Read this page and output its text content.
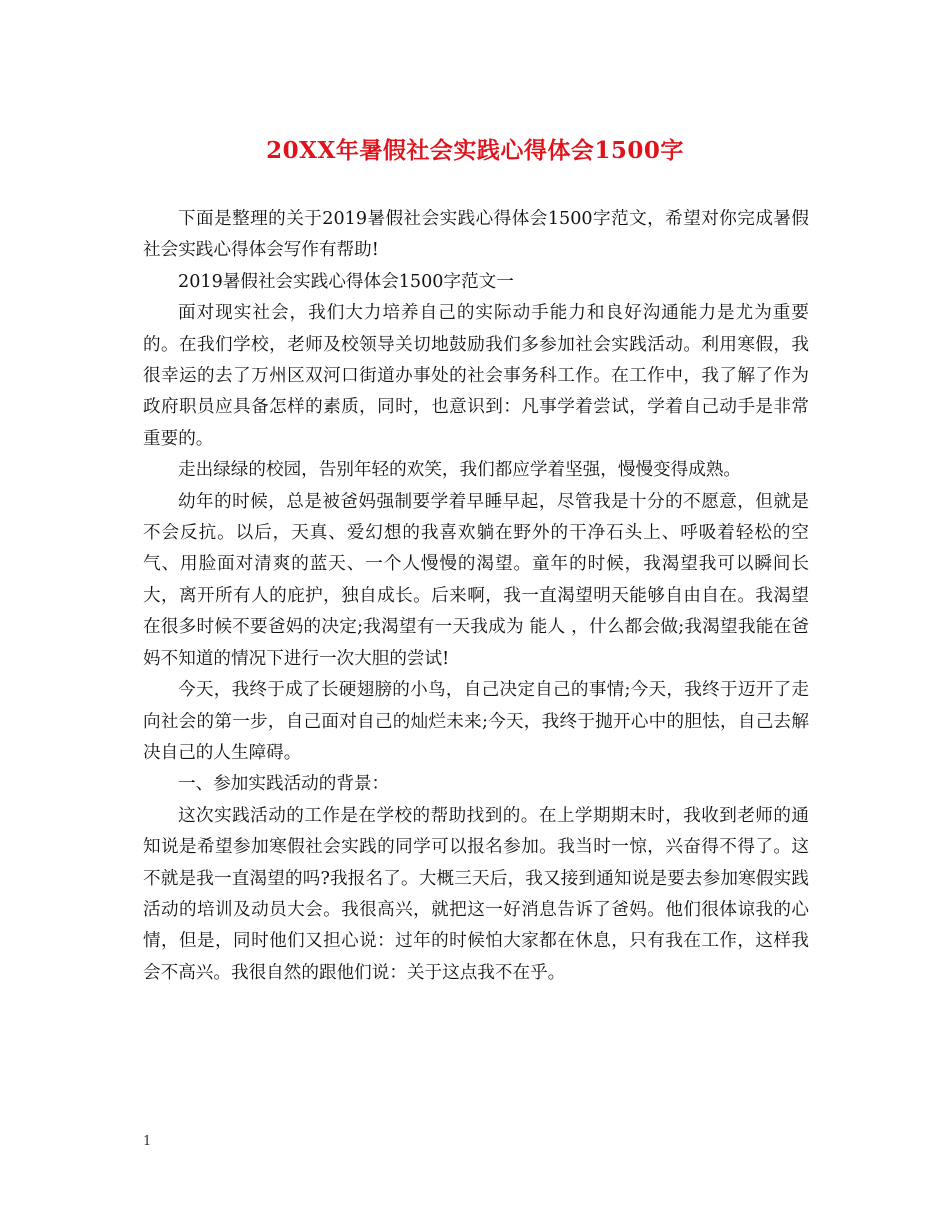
20XX年暑假社会实践心得体会1500字

下面是整理的关于2019暑假社会实践心得体会1500字范文，希望对你完成暑假社会实践心得体会写作有帮助!

2019暑假社会实践心得体会1500字范文一

面对现实社会，我们大力培养自己的实际动手能力和良好沟通能力是尤为重要的。在我们学校，老师及校领导关切地鼓励我们多参加社会实践活动。利用寒假，我很幸运的去了万州区双河口街道办事处的社会事务科工作。在工作中，我了解了作为政府职员应具备怎样的素质，同时，也意识到：凡事学着尝试，学着自己动手是非常重要的。

走出绿绿的校园，告别年轻的欢笑，我们都应学着坚强，慢慢变得成熟。

幼年的时候，总是被爸妈强制要学着早睡早起，尽管我是十分的不愿意，但就是不会反抗。以后，天真、爱幻想的我喜欢躺在野外的干净石头上、呼吸着轻松的空气、用脸面对清爽的蓝天、一个人慢慢的渴望。童年的时候，我渴望我可以瞬间长大，离开所有人的庇护，独自成长。后来啊，我一直渴望明天能够自由自在。我渴望在很多时候不要爸妈的决定;我渴望有一天我成为 能人 ，什么都会做;我渴望我能在爸妈不知道的情况下进行一次大胆的尝试!

今天，我终于成了长硬翅膀的小鸟，自己决定自己的事情;今天，我终于迈开了走向社会的第一步，自己面对自己的灿烂未来;今天，我终于抛开心中的胆怯，自己去解决自己的人生障碍。

一、参加实践活动的背景：

这次实践活动的工作是在学校的帮助找到的。在上学期期末时，我收到老师的通知说是希望参加寒假社会实践的同学可以报名参加。我当时一惊，兴奋得不得了。这不就是我一直渴望的吗?我报名了。大概三天后，我又接到通知说是要去参加寒假实践活动的培训及动员大会。我很高兴，就把这一好消息告诉了爸妈。他们很体谅我的心情，但是，同时他们又担心说：过年的时候怕大家都在休息，只有我在工作，这样我会不高兴。我很自然的跟他们说：关于这点我不在乎。

1
